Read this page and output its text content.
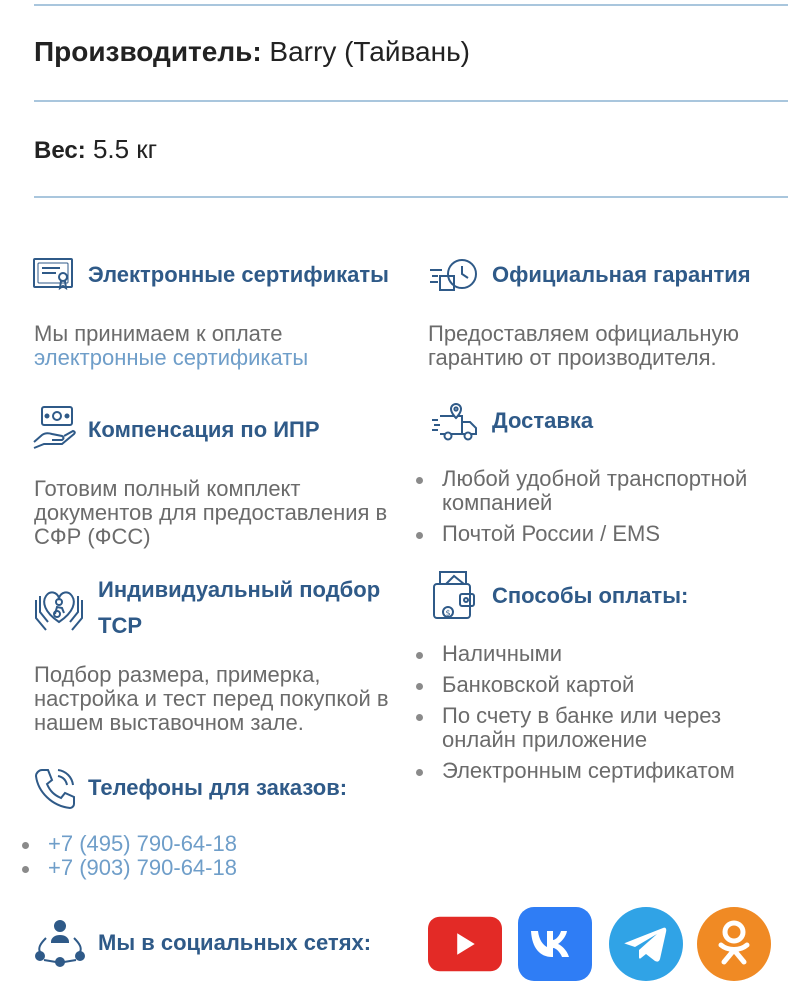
Производитель: Barry (Тайвань)
Вес: 5.5 кг
Электронные сертификаты
Мы принимаем к оплате
электронные сертификаты
Официальная гарантия
Предоставляем официальную гарантию от производителя.
Компенсация по ИПР
Готовим полный комплект документов для предоставления в СФР (ФСС)
Доставка
Любой удобной транспортной компанией
Почтой России / EMS
Индивидуальный подбор
ТСР
Подбор размера, примерка, настройка и тест перед покупкой в нашем выставочном зале.
$
Способы оплаты:
Наличными
Банковской картой
По счету в банке или через онлайн приложение
Электронным сертификатом
Телефоны для заказов:
+7 (495) 790-64-18
+7 (903) 790-64-18
Мы в социальных сетях:
